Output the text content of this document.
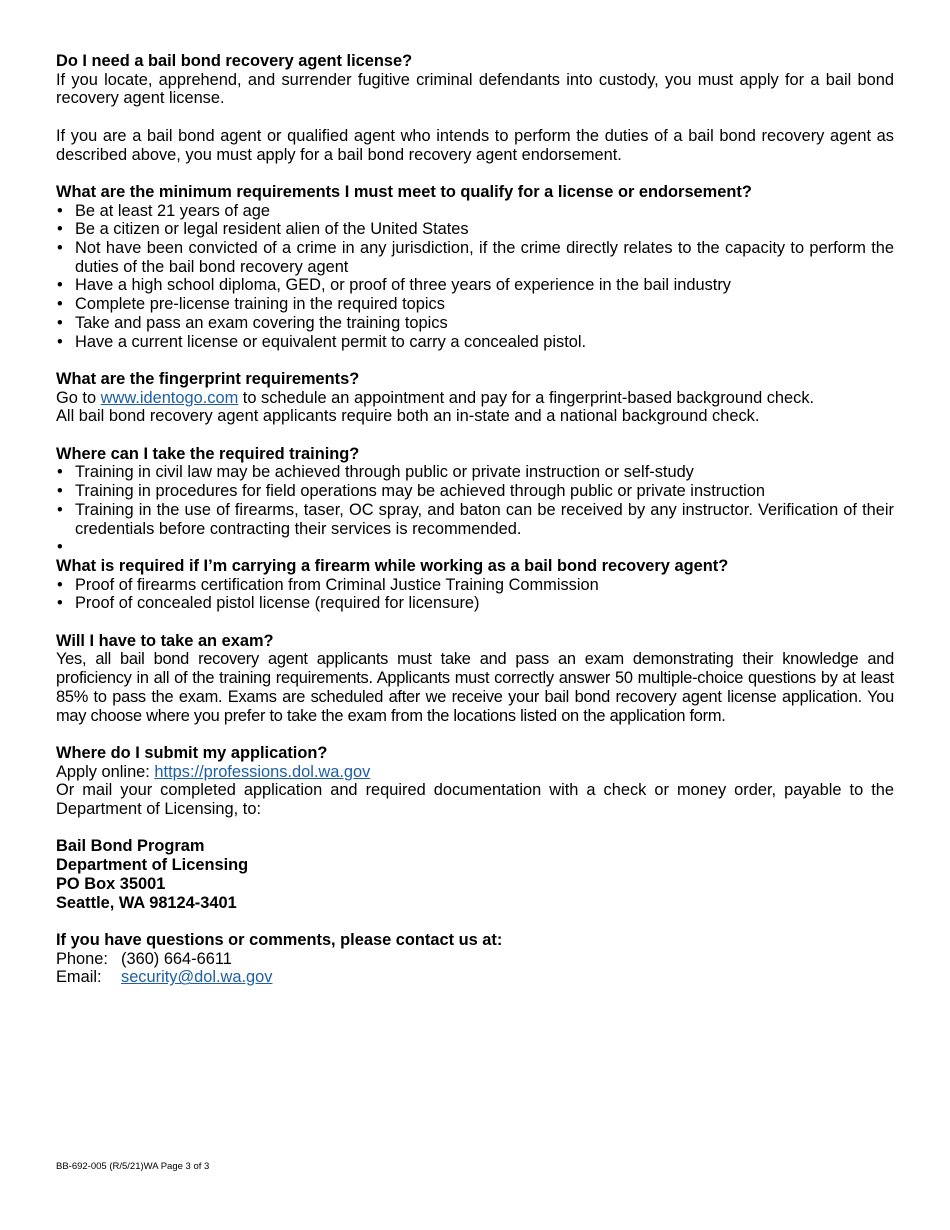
Do I need a bail bond recovery agent license?

If you locate, apprehend, and surrender fugitive criminal defendants into custody, you must apply for a bail bond recovery agent license.

If you are a bail bond agent or qualified agent who intends to perform the duties of a bail bond recovery agent as described above, you must apply for a bail bond recovery agent endorsement.

What are the minimum requirements I must meet to qualify for a license or endorsement?
• Be at least 21 years of age
• Be a citizen or legal resident alien of the United States
• Not have been convicted of a crime in any jurisdiction, if the crime directly relates to the capacity to perform the duties of the bail bond recovery agent
• Have a high school diploma, GED, or proof of three years of experience in the bail industry
• Complete pre-license training in the required topics
• Take and pass an exam covering the training topics
• Have a current license or equivalent permit to carry a concealed pistol.
What are the fingerprint requirements?

Go to www.identogo.com to schedule an appointment and pay for a fingerprint-based background check.

All bail bond recovery agent applicants require both an in-state and a national background check.

Where can I take the required training?
• Training in civil law may be achieved through public or private instruction or self-study
• Training in procedures for field operations may be achieved through public or private instruction
• Training in the use of firearms, taser, OC spray, and baton can be received by any instructor. Verification of their credentials before contracting their services is recommended.
•
What is required if I’m carrying a firearm while working as a bail bond recovery agent?
• Proof of firearms certification from Criminal Justice Training Commission
• Proof of concealed pistol license (required for licensure)
Will I have to take an exam?

Yes, all bail bond recovery agent applicants must take and pass an exam demonstrating their knowledge and proficiency in all of the training requirements. Applicants must correctly answer 50 multiple-choice questions by at least 85% to pass the exam. Exams are scheduled after we receive your bail bond recovery agent license application. You may choose where you prefer to take the exam from the locations listed on the application form.

Where do I submit my application?

Apply online: https://professions.dol.wa.gov

Or mail your completed application and required documentation with a check or money order, payable to the Department of Licensing, to:

Bail Bond Program
Department of Licensing
PO Box 35001
Seattle, WA 98124-3401
If you have questions or comments, please contact us at:
Phone: (360) 664-6611
Email:	security@dol.wa.gov
BB-692-005 (R/5/21)WA Page 3 of 3
